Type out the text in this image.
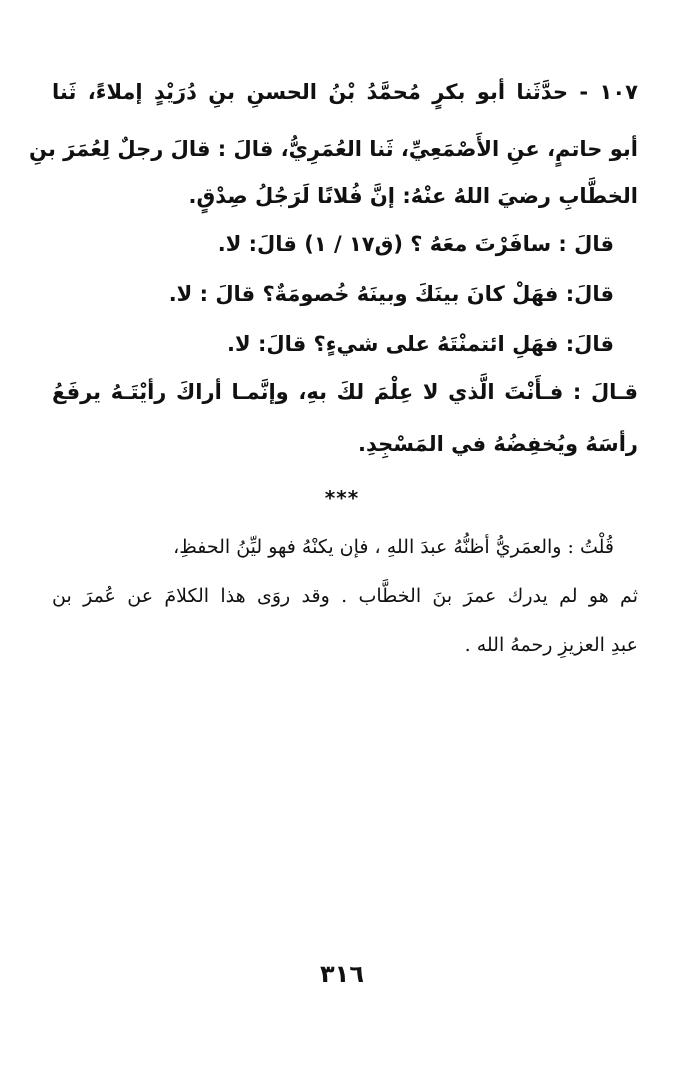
١٠٧ - حدَّثَنا أبو بكرٍ مُحمَّدُ بْنُ الحسنِ بنِ دُرَيْدٍ إملاءً، ثَنا
أبو حاتمٍ، عنِ الأَصْمَعِيِّ، ثَنا العُمَرِيُّ، قالَ : قالَ رجلٌ لِعُمَرَ بنِ
الخطَّابِ رضيَ اللهُ عنْهُ: إنَّ فُلانًا لَرَجُلُ صِدْقٍ.
قالَ : سافَرْتَ معَهُ ؟ (ق١٧ / ١) قالَ: لا.
قالَ: فهَلْ كانَ بينَكَ وبينَهُ خُصومَةٌ؟ قالَ : لا.
قالَ: فهَلِ ائتمنْتَهُ على شيءٍ؟ قالَ: لا.
قـالَ : فـأَنْتَ الَّذي لا عِلْمَ لكَ بهِ، وإنَّمـا أراكَ رأيْتَـهُ يرفَعُ
رأسَهُ ويُخفِضُهُ في المَسْجِدِ.
***
قُلْتُ : والعمَريُّ أظنُّهُ عبدَ اللهِ ، فإن يكنْهُ فهو ليِّنُ الحفظِ،
ثم هو لم يدرك عمرَ بنَ الخطَّاب . وقد روَى هذا الكلامَ عن عُمرَ بن
عبدِ العزيزِ رحمهُ الله .
٣١٦
